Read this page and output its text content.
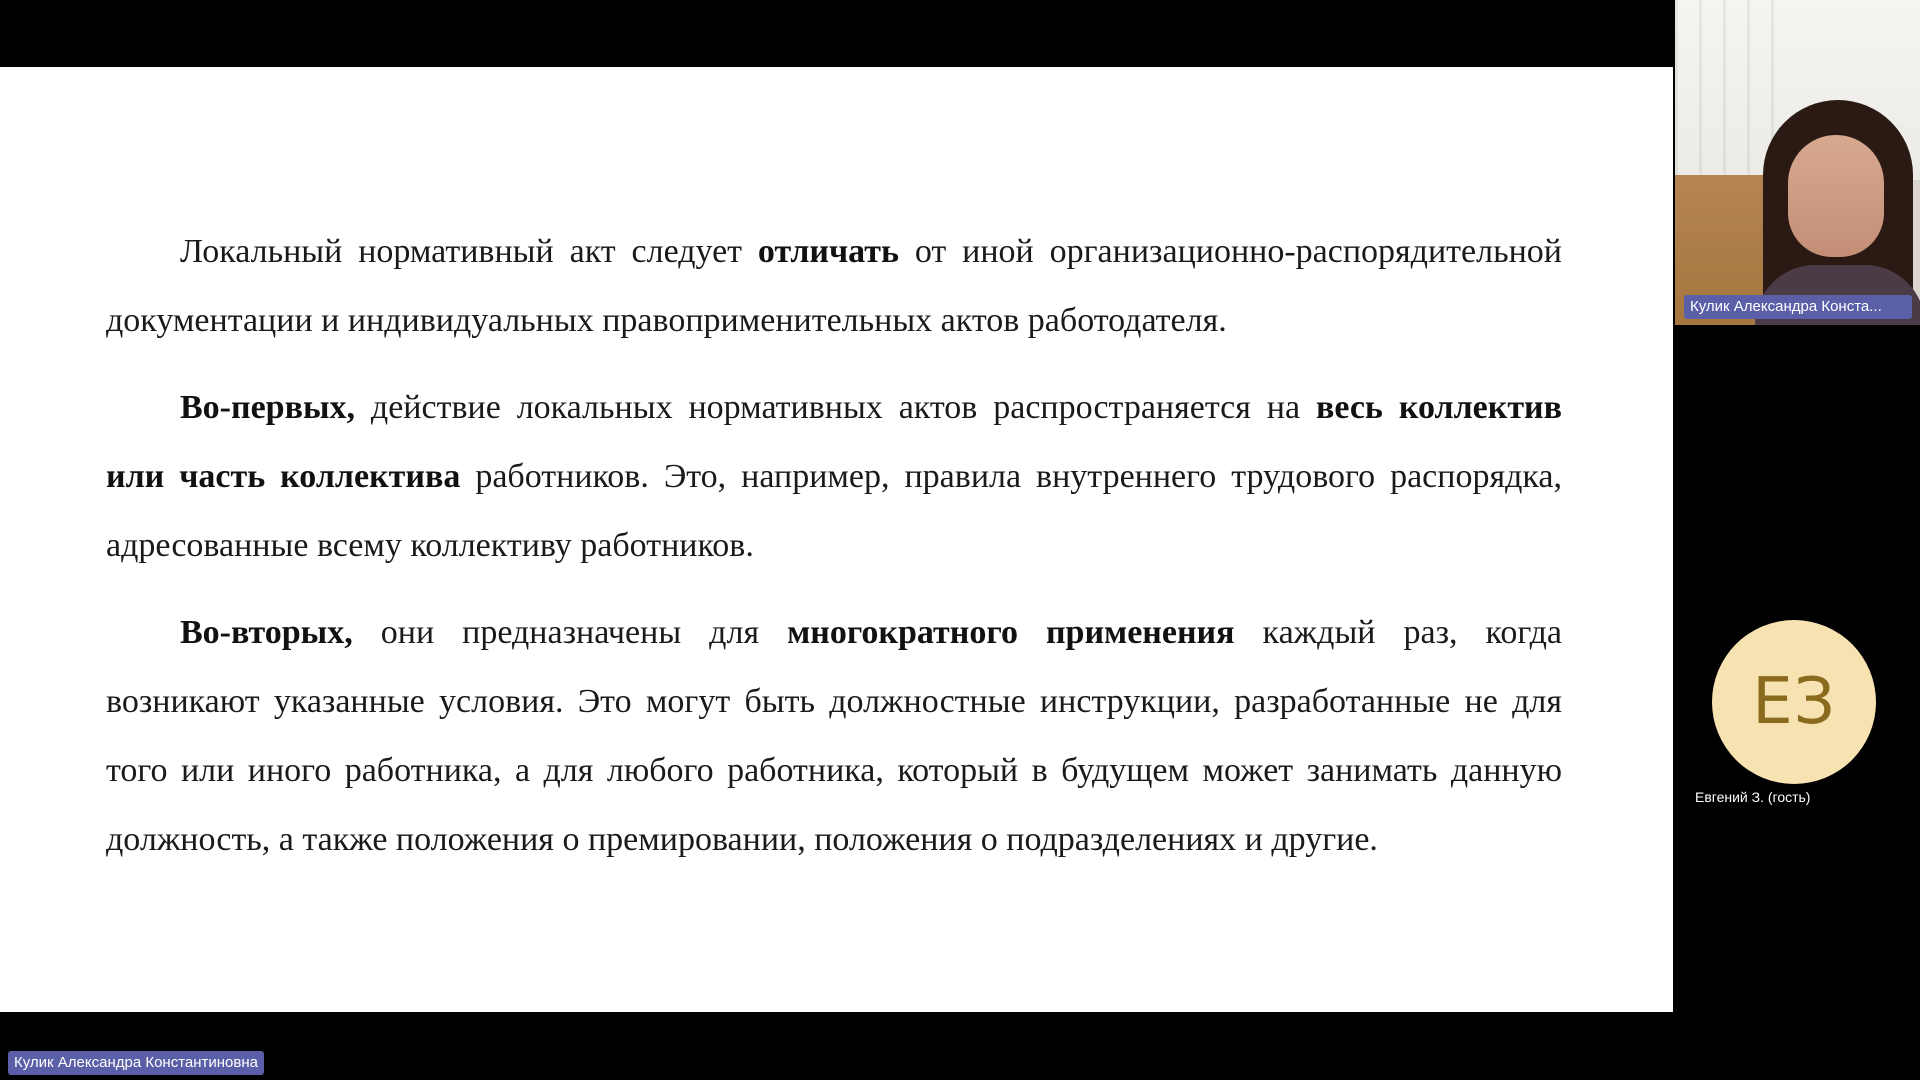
Локальный нормативный акт следует отличать от иной организационно-распорядительной документации и индивидуальных правоприменительных актов работодателя.

Во-первых, действие локальных нормативных актов распространяется на весь коллектив или часть коллектива работников. Это, например, правила внутреннего трудового распорядка, адресованные всему коллективу работников.

Во-вторых, они предназначены для многократного применения каждый раз, когда возникают указанные условия. Это могут быть должностные инструкции, разработанные не для того или иного работника, а для любого работника, который в будущем может занимать данную должность, а также положения о премировании, положения о подразделениях и другие.

Кулик Александра Константиновна
Кулик Александра Конста...
ЕЗ
Евгений З. (гость)
